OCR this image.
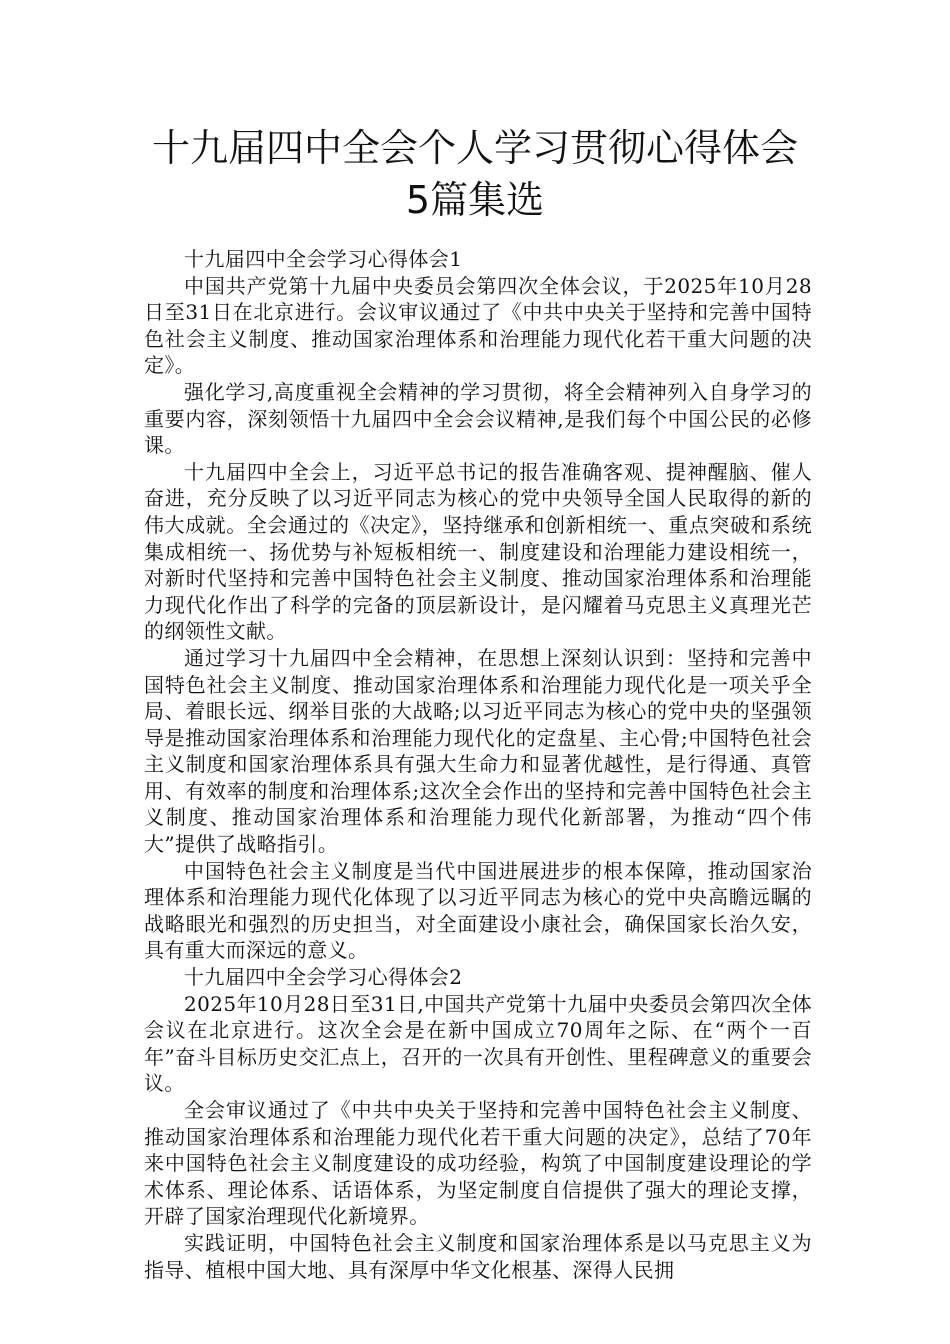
十九届四中全会个人学习贯彻心得体会
5篇集选

十九届四中全会学习心得体会1

中国共产党第十九届中央委员会第四次全体会议，于2025年10月28日至31日在北京进行。会议审议通过了《中共中央关于坚持和完善中国特色社会主义制度、推动国家治理体系和治理能力现代化若干重大问题的决定》。

强化学习,高度重视全会精神的学习贯彻，将全会精神列入自身学习的重要内容，深刻领悟十九届四中全会会议精神,是我们每个中国公民的必修课。

十九届四中全会上，习近平总书记的报告准确客观、提神醒脑、催人奋进，充分反映了以习近平同志为核心的党中央领导全国人民取得的新的伟大成就。全会通过的《决定》，坚持继承和创新相统一、重点突破和系统集成相统一、扬优势与补短板相统一、制度建设和治理能力建设相统一，对新时代坚持和完善中国特色社会主义制度、推动国家治理体系和治理能力现代化作出了科学的完备的顶层新设计，是闪耀着马克思主义真理光芒的纲领性文献。

通过学习十九届四中全会精神，在思想上深刻认识到：坚持和完善中国特色社会主义制度、推动国家治理体系和治理能力现代化是一项关乎全局、着眼长远、纲举目张的大战略;以习近平同志为核心的党中央的坚强领导是推动国家治理体系和治理能力现代化的定盘星、主心骨;中国特色社会主义制度和国家治理体系具有强大生命力和显著优越性，是行得通、真管用、有效率的制度和治理体系;这次全会作出的坚持和完善中国特色社会主义制度、推动国家治理体系和治理能力现代化新部署，为推动“四个伟大”提供了战略指引。

中国特色社会主义制度是当代中国进展进步的根本保障，推动国家治理体系和治理能力现代化体现了以习近平同志为核心的党中央高瞻远瞩的战略眼光和强烈的历史担当，对全面建设小康社会，确保国家长治久安，具有重大而深远的意义。

十九届四中全会学习心得体会2

2025年10月28日至31日,中国共产党第十九届中央委员会第四次全体会议在北京进行。这次全会是在新中国成立70周年之际、在“两个一百年”奋斗目标历史交汇点上，召开的一次具有开创性、里程碑意义的重要会议。

全会审议通过了《中共中央关于坚持和完善中国特色社会主义制度、推动国家治理体系和治理能力现代化若干重大问题的决定》，总结了70年来中国特色社会主义制度建设的成功经验，构筑了中国制度建设理论的学术体系、理论体系、话语体系，为坚定制度自信提供了强大的理论支撑，开辟了国家治理现代化新境界。

实践证明，中国特色社会主义制度和国家治理体系是以马克思主义为指导、植根中国大地、具有深厚中华文化根基、深得人民拥
